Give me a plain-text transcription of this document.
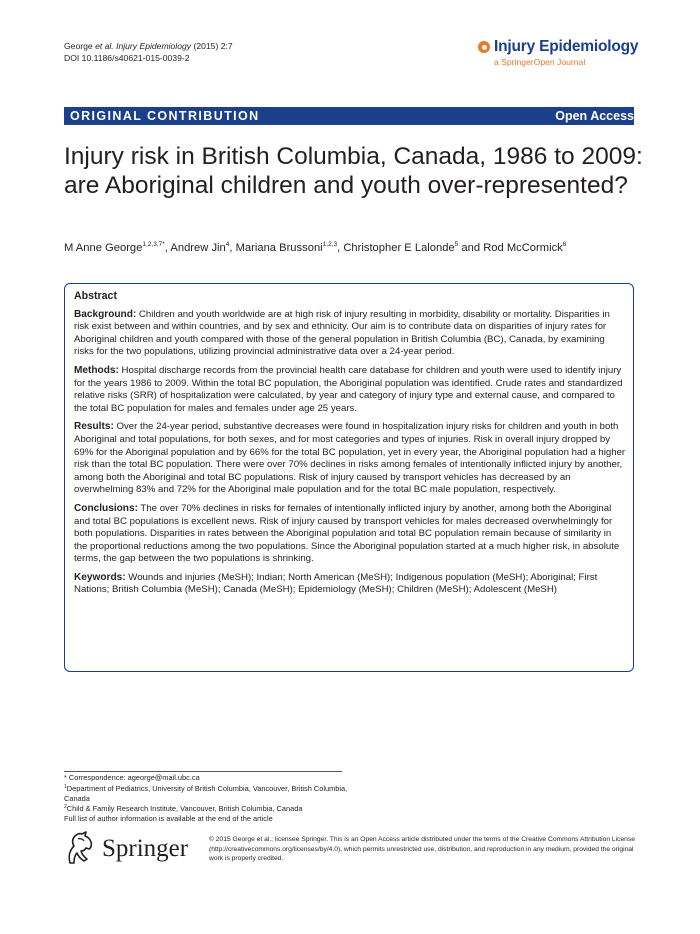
George et al. Injury Epidemiology (2015) 2:7
DOI 10.1186/s40621-015-0039-2
Injury Epidemiology
a SpringerOpen Journal
ORIGINAL CONTRIBUTION	Open Access
Injury risk in British Columbia, Canada, 1986 to 2009: are Aboriginal children and youth over-represented?
M Anne George$^{1,2,3,7*}$, Andrew Jin$^4$, Mariana Brussoni$^{1,2,3}$, Christopher E Lalonde$^5$ and Rod McCormick$^6$
Abstract

Background: Children and youth worldwide are at high risk of injury resulting in morbidity, disability or mortality. Disparities in risk exist between and within countries, and by sex and ethnicity. Our aim is to contribute data on disparities of injury rates for Aboriginal children and youth compared with those of the general population in British Columbia (BC), Canada, by examining risks for the two populations, utilizing provincial administrative data over a 24-year period.

Methods: Hospital discharge records from the provincial health care database for children and youth were used to identify injury for the years 1986 to 2009. Within the total BC population, the Aboriginal population was identified. Crude rates and standardized relative risks (SRR) of hospitalization were calculated, by year and category of injury type and external cause, and compared to the total BC population for males and females under age 25 years.

Results: Over the 24-year period, substantive decreases were found in hospitalization injury risks for children and youth in both Aboriginal and total populations, for both sexes, and for most categories and types of injuries. Risk in overall injury dropped by 69% for the Aboriginal population and by 66% for the total BC population, yet in every year, the Aboriginal population had a higher risk than the total BC population. There were over 70% declines in risks among females of intentionally inflicted injury by another, among both the Aboriginal and total BC populations. Risk of injury caused by transport vehicles has decreased by an overwhelming 83% and 72% for the Aboriginal male population and for the total BC male population, respectively.

Conclusions: The over 70% declines in risks for females of intentionally inflicted injury by another, among both the Aboriginal and total BC populations is excellent news. Risk of injury caused by transport vehicles for males decreased overwhelmingly for both populations. Disparities in rates between the Aboriginal population and total BC population remain because of similarity in the proportional reductions among the two populations. Since the Aboriginal population started at a much higher risk, in absolute terms, the gap between the two populations is shrinking.

Keywords: Wounds and injuries (MeSH); Indian; North American (MeSH); Indigenous population (MeSH); Aboriginal; First Nations; British Columbia (MeSH); Canada (MeSH); Epidemiology (MeSH); Children (MeSH); Adolescent (MeSH)

* Correspondence: ageorge@mail.ubc.ca
$^1$Department of Pediatrics, University of British Columbia, Vancouver, British Columbia, Canada
$^2$Child & Family Research Institute, Vancouver, British Columbia, Canada
Full list of author information is available at the end of the article
Springer	© 2015 George et al.; licensee Springer. This is an Open Access article distributed under the terms of the Creative Commons Attribution License (http://creativecommons.org/licenses/by/4.0), which permits unrestricted use, distribution, and reproduction in any medium, provided the original work is properly credited.
